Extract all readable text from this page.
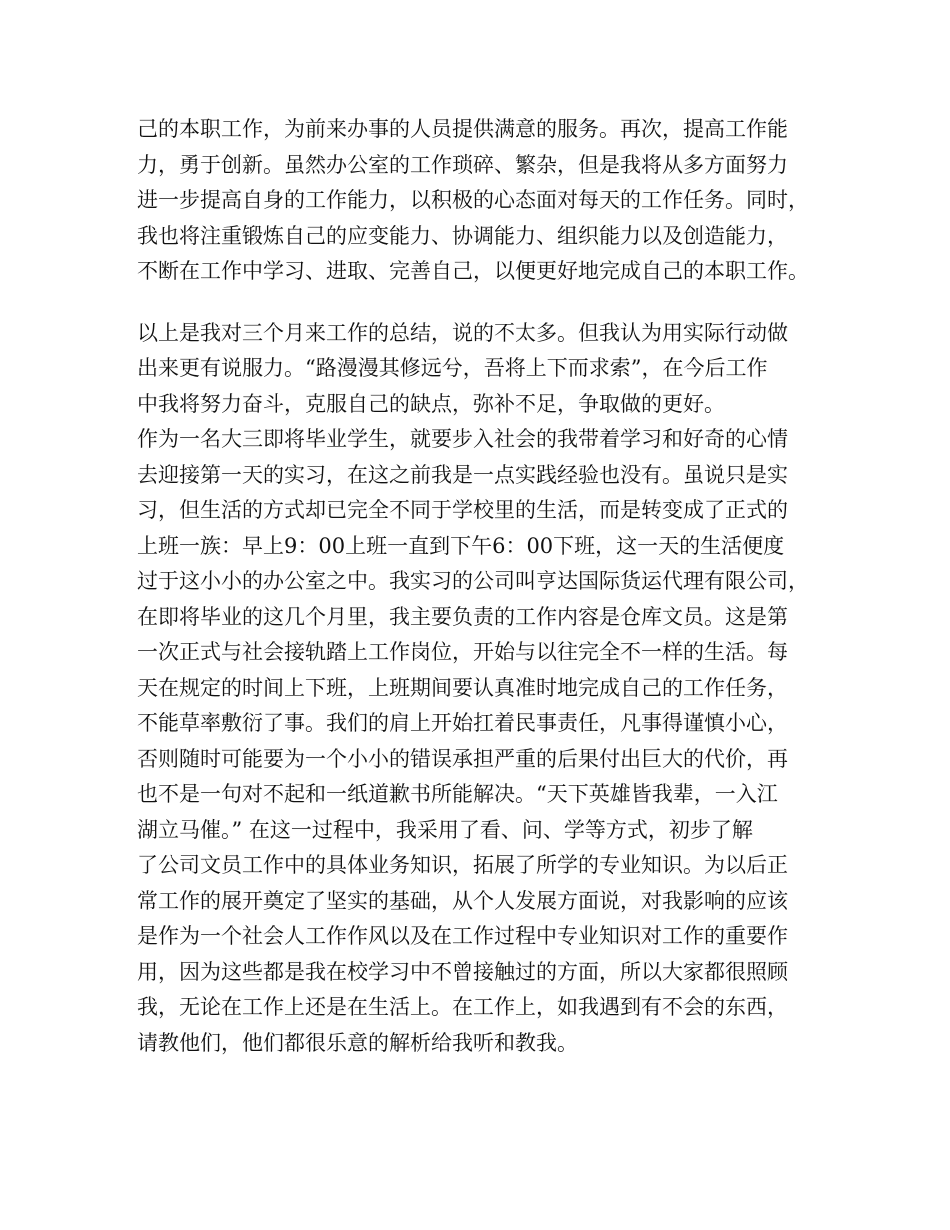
己的本职工作，为前来办事的人员提供满意的服务。再次，提高工作能
力，勇于创新。虽然办公室的工作琐碎、繁杂，但是我将从多方面努力
进一步提高自身的工作能力，以积极的心态面对每天的工作任务。同时，
我也将注重锻炼自己的应变能力、协调能力、组织能力以及创造能力，
不断在工作中学习、进取、完善自己，以便更好地完成自己的本职工作。
以上是我对三个月来工作的总结，说的不太多。但我认为用实际行动做
出来更有说服力。“路漫漫其修远兮，吾将上下而求索”，在今后工作
中我将努力奋斗，克服自己的缺点，弥补不足，争取做的更好。
作为一名大三即将毕业学生，就要步入社会的我带着学习和好奇的心情
去迎接第一天的实习，在这之前我是一点实践经验也没有。虽说只是实
习，但生活的方式却已完全不同于学校里的生活，而是转变成了正式的
上班一族：早上9：00上班一直到下午6：00下班，这一天的生活便度
过于这小小的办公室之中。我实习的公司叫亨达国际货运代理有限公司，
在即将毕业的这几个月里，我主要负责的工作内容是仓库文员。这是第
一次正式与社会接轨踏上工作岗位，开始与以往完全不一样的生活。每
天在规定的时间上下班，上班期间要认真准时地完成自己的工作任务，
不能草率敷衍了事。我们的肩上开始扛着民事责任，凡事得谨慎小心，
否则随时可能要为一个小小的错误承担严重的后果付出巨大的代价，再
也不是一句对不起和一纸道歉书所能解决。“天下英雄皆我辈，一入江
湖立马催。” 在这一过程中，我采用了看、问、学等方式，初步了解
了公司文员工作中的具体业务知识，拓展了所学的专业知识。为以后正
常工作的展开奠定了坚实的基础，从个人发展方面说，对我影响的应该
是作为一个社会人工作作风以及在工作过程中专业知识对工作的重要作
用，因为这些都是我在校学习中不曾接触过的方面，所以大家都很照顾
我，无论在工作上还是在生活上。在工作上，如我遇到有不会的东西，
请教他们，他们都很乐意的解析给我听和教我。
